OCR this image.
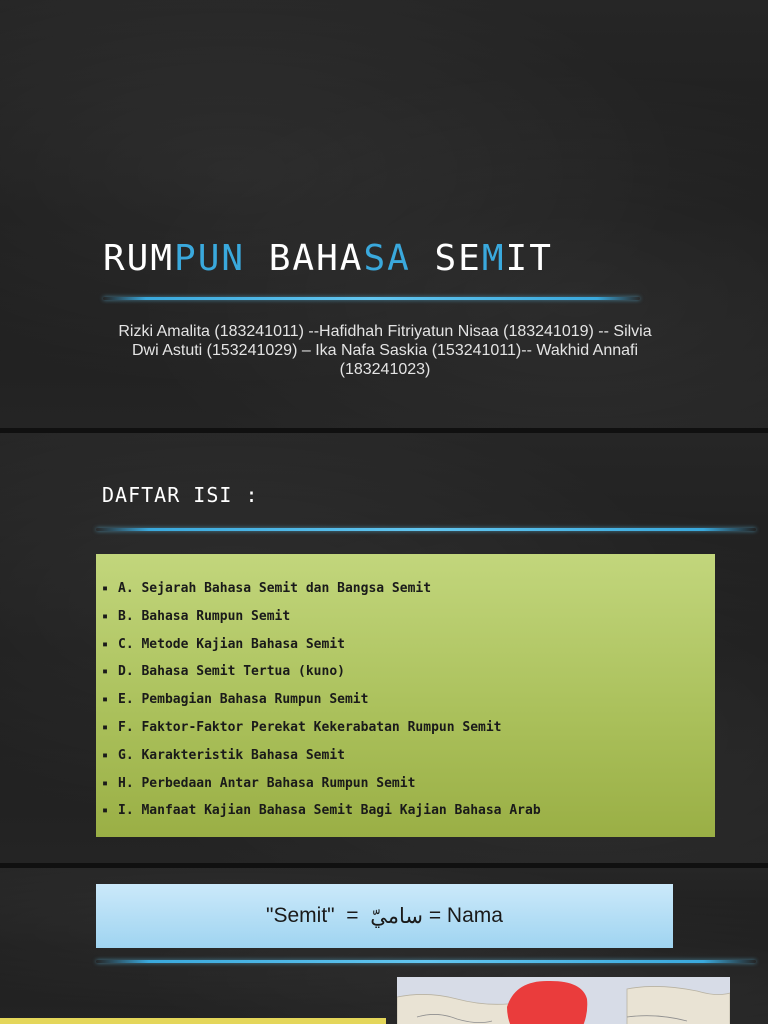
RUMPUN BAHASA SEMIT

Rizki Amalita (183241011) --Hafidhah Fitriyatun Nisaa (183241019) -- Silvia Dwi Astuti (153241029) – Ika Nafa Saskia (153241011)-- Wakhid Annafi (183241023)

DAFTAR ISI :
▪ A. Sejarah Bahasa Semit dan Bangsa Semit
▪ B. Bahasa Rumpun Semit
▪ C. Metode Kajian Bahasa Semit
▪ D. Bahasa Semit Tertua (kuno)
▪ E. Pembagian Bahasa Rumpun Semit
▪ F. Faktor-Faktor Perekat Kekerabatan Rumpun Semit
▪ G. Karakteristik Bahasa Semit
▪ H. Perbedaan Antar Bahasa Rumpun Semit
▪ I. Manfaat Kajian Bahasa Semit Bagi Kajian Bahasa Arab
"Semit"
=
ساميّ
= Nama
